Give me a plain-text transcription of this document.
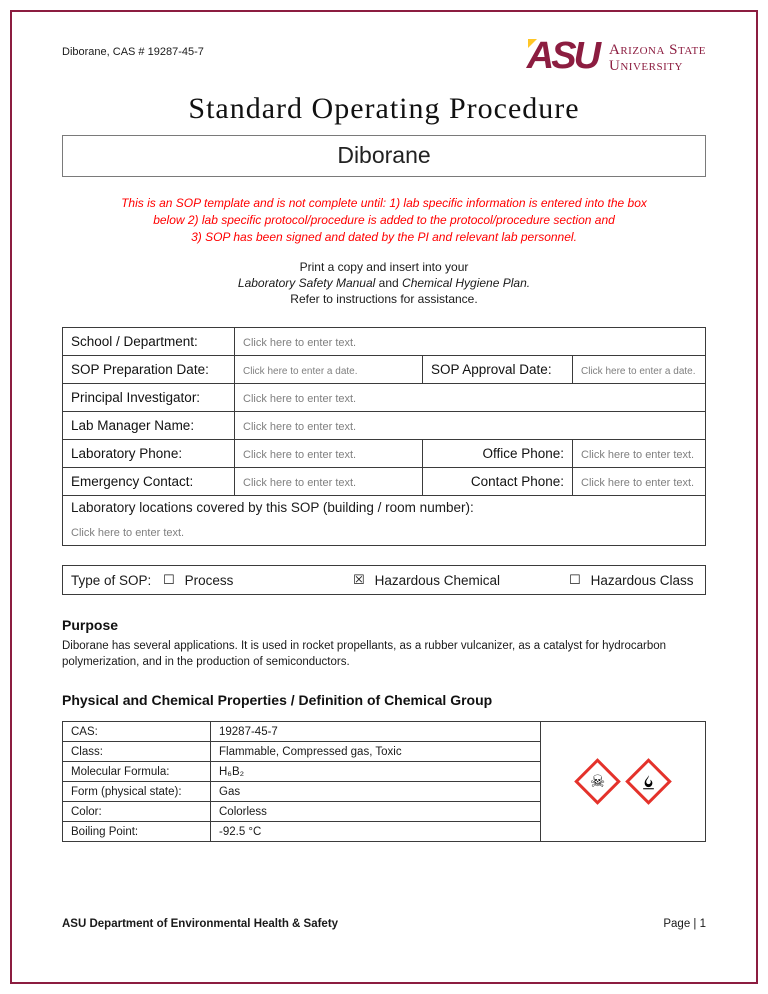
Diborane, CAS # 19287-45-7	ASU Arizona State
University
Standard Operating Procedure
Diborane
This is an SOP template and is not complete until: 1) lab specific information is entered into the box
below 2) lab specific protocol/procedure is added to the protocol/procedure section and
3) SOP has been signed and dated by the PI and relevant lab personnel.
Print a copy and insert into your
Laboratory Safety Manual and Chemical Hygiene Plan.
Refer to instructions for assistance.
School / Department:	Click here to enter text.		
SOP Preparation Date:	Click here to enter a date.	SOP Approval Date:	Click here to enter a date.
Principal Investigator:	Click here to enter text.		
Lab Manager Name:	Click here to enter text.		
Laboratory Phone:	Click here to enter text.	Office Phone:	Click here to enter text.
Emergency Contact:	Click here to enter text.	Contact Phone:	Click here to enter text.

Laboratory locations covered by this SOP (building / room number):
Click here to enter text.			
Type of SOP: ☐ Process	☒ Hazardous Chemical	☐ Hazardous Class
Purpose
Diborane has several applications. It is used in rocket propellants, as a rubber vulcanizer, as a catalyst for hydrocarbon polymerization, and in the production of semiconductors.
Physical and Chemical Properties / Definition of Chemical Group
CAS:	19287-45-7	☠

Class:	Flammable, Compressed gas, Toxic	
Molecular Formula:	H₆B₂	
Form (physical state):	Gas	
Color:	Colorless	
Boiling Point:	-92.5 °C	
ASU Department of Environmental Health & Safety	Page | 1
